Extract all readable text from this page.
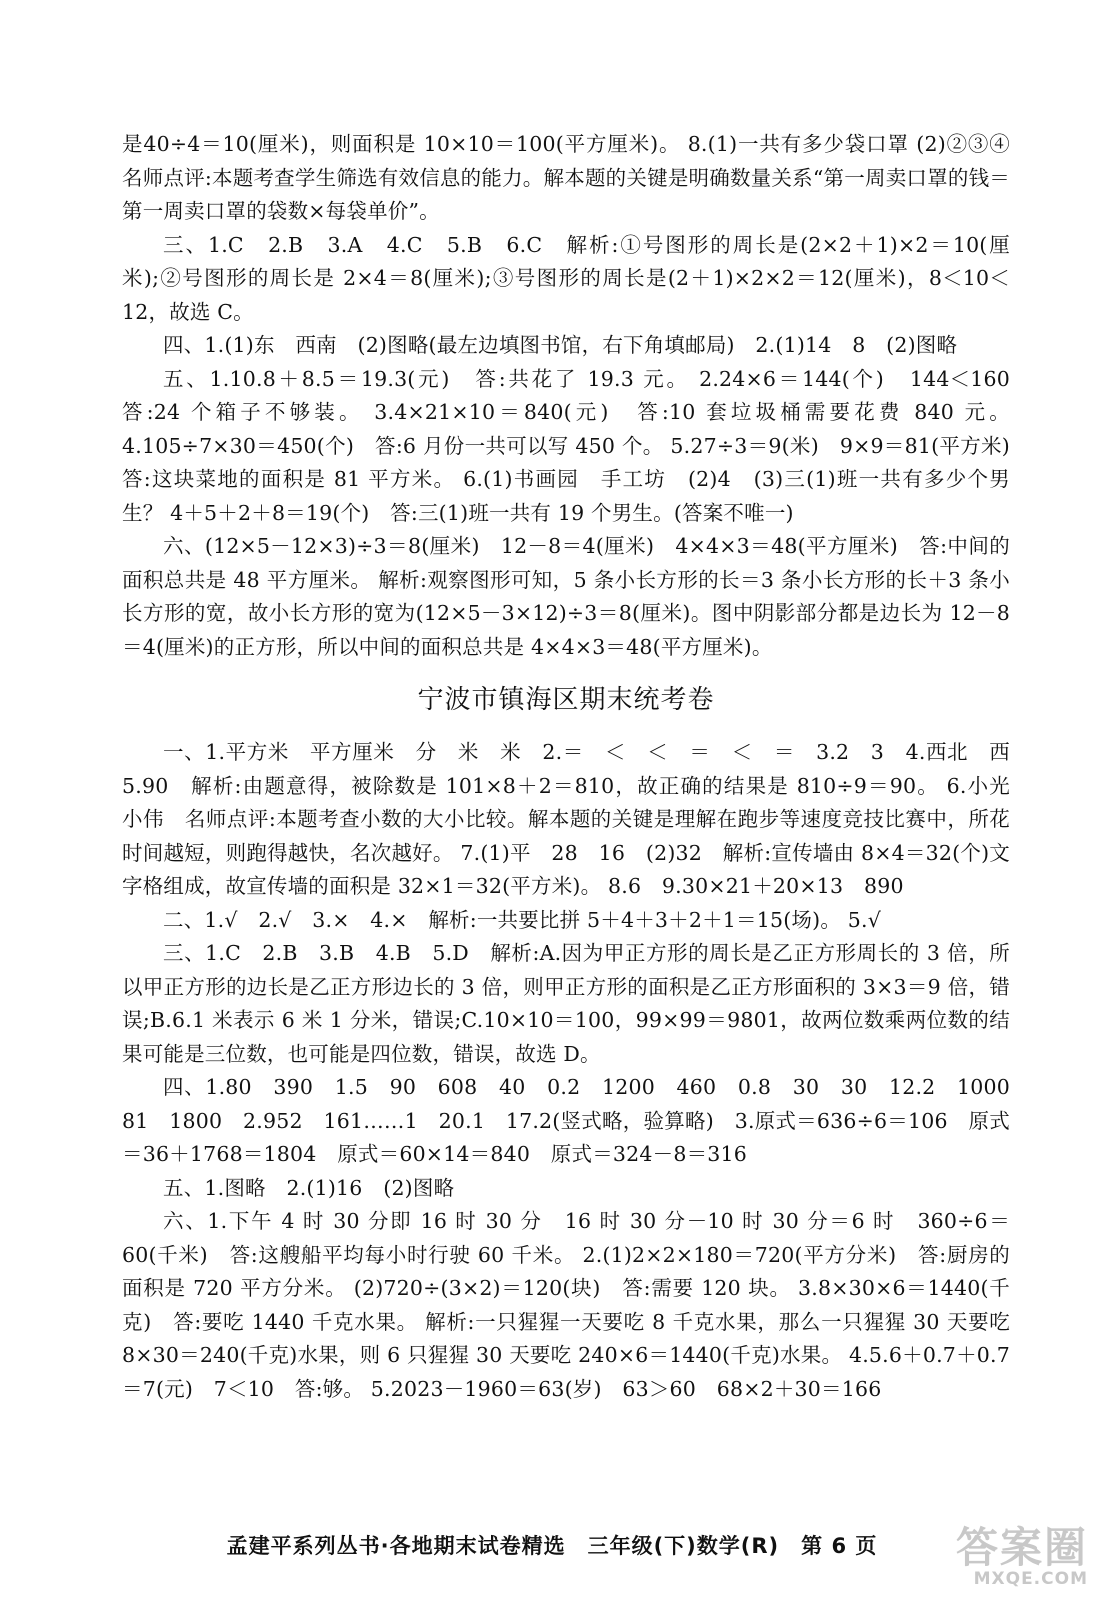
是40÷4＝10(厘米)，则面积是 10×10＝100(平方厘米)。 8.(1)一共有多少袋口罩 (2)②③④　名师点评:本题考查学生筛选有效信息的能力。解本题的关键是明确数量关系“第一周卖口罩的钱＝第一周卖口罩的袋数×每袋单价”。

三、1.C　2.B　3.A　4.C　5.B　6.C　解析:①号图形的周长是(2×2＋1)×2＝10(厘米);②号图形的周长是 2×4＝8(厘米);③号图形的周长是(2＋1)×2×2＝12(厘米)，8＜10＜12，故选 C。

四、1.(1)东　西南　(2)图略(最左边填图书馆，右下角填邮局)　2.(1)14　8　(2)图略

五、1.10.8＋8.5＝19.3(元)　答:共花了 19.3 元。 2.24×6＝144(个)　144＜160　答:24 个箱子不够装。 3.4×21×10＝840(元)　答:10 套垃圾桶需要花费 840 元。 4.105÷7×30＝450(个)　答:6 月份一共可以写 450 个。 5.27÷3＝9(米)　9×9＝81(平方米)　答:这块菜地的面积是 81 平方米。 6.(1)书画园　手工坊　(2)4　(3)三(1)班一共有多少个男生？ 4＋5＋2＋8＝19(个)　答:三(1)班一共有 19 个男生。(答案不唯一)

六、(12×5－12×3)÷3＝8(厘米)　12－8＝4(厘米)　4×4×3＝48(平方厘米)　答:中间的面积总共是 48 平方厘米。 解析:观察图形可知，5 条小长方形的长＝3 条小长方形的长＋3 条小长方形的宽，故小长方形的宽为(12×5－3×12)÷3＝8(厘米)。图中阴影部分都是边长为 12－8＝4(厘米)的正方形，所以中间的面积总共是 4×4×3＝48(平方厘米)。

宁波市镇海区期末统考卷

一、1.平方米　平方厘米　分　米　米　2.＝　＜　＜　＝　＜　＝　3.2　3　4.西北　西　5.90　解析:由题意得，被除数是 101×8＋2＝810，故正确的结果是 810÷9＝90。 6.小光　小伟　名师点评:本题考查小数的大小比较。解本题的关键是理解在跑步等速度竞技比赛中，所花时间越短，则跑得越快，名次越好。 7.(1)平　28　16　(2)32　解析:宣传墙由 8×4＝32(个)文字格组成，故宣传墙的面积是 32×1＝32(平方米)。 8.6　9.30×21＋20×13　890

二、1.√　2.√　3.×　4.×　解析:一共要比拼 5＋4＋3＋2＋1＝15(场)。 5.√

三、1.C　2.B　3.B　4.B　5.D　解析:A.因为甲正方形的周长是乙正方形周长的 3 倍，所以甲正方形的边长是乙正方形边长的 3 倍，则甲正方形的面积是乙正方形面积的 3×3＝9 倍，错误;B.6.1 米表示 6 米 1 分米，错误;C.10×10＝100，99×99＝9801，故两位数乘两位数的结果可能是三位数，也可能是四位数，错误，故选 D。

四、1.80　390　1.5　90　608　40　0.2　1200　460　0.8　30　30　12.2　1000　81　1800　2.952　161……1　20.1　17.2(竖式略，验算略)　3.原式＝636÷6＝106　原式＝36＋1768＝1804　原式＝60×14＝840　原式＝324－8＝316

五、1.图略　2.(1)16　(2)图略

六、1.下午 4 时 30 分即 16 时 30 分　16 时 30 分－10 时 30 分＝6 时　360÷6＝60(千米)　答:这艘船平均每小时行驶 60 千米。 2.(1)2×2×180＝720(平方分米)　答:厨房的面积是 720 平方分米。 (2)720÷(3×2)＝120(块)　答:需要 120 块。 3.8×30×6＝1440(千克)　答:要吃 1440 千克水果。 解析:一只猩猩一天要吃 8 千克水果，那么一只猩猩 30 天要吃 8×30＝240(千克)水果，则 6 只猩猩 30 天要吃 240×6＝1440(千克)水果。 4.5.6＋0.7＋0.7＝7(元)　7＜10　答:够。 5.2023－1960＝63(岁)　63＞60　68×2＋30＝166

孟建平系列丛书·各地期末试卷精选　三年级(下)数学(R)　第 6 页	答案圈
MXQE.COM
